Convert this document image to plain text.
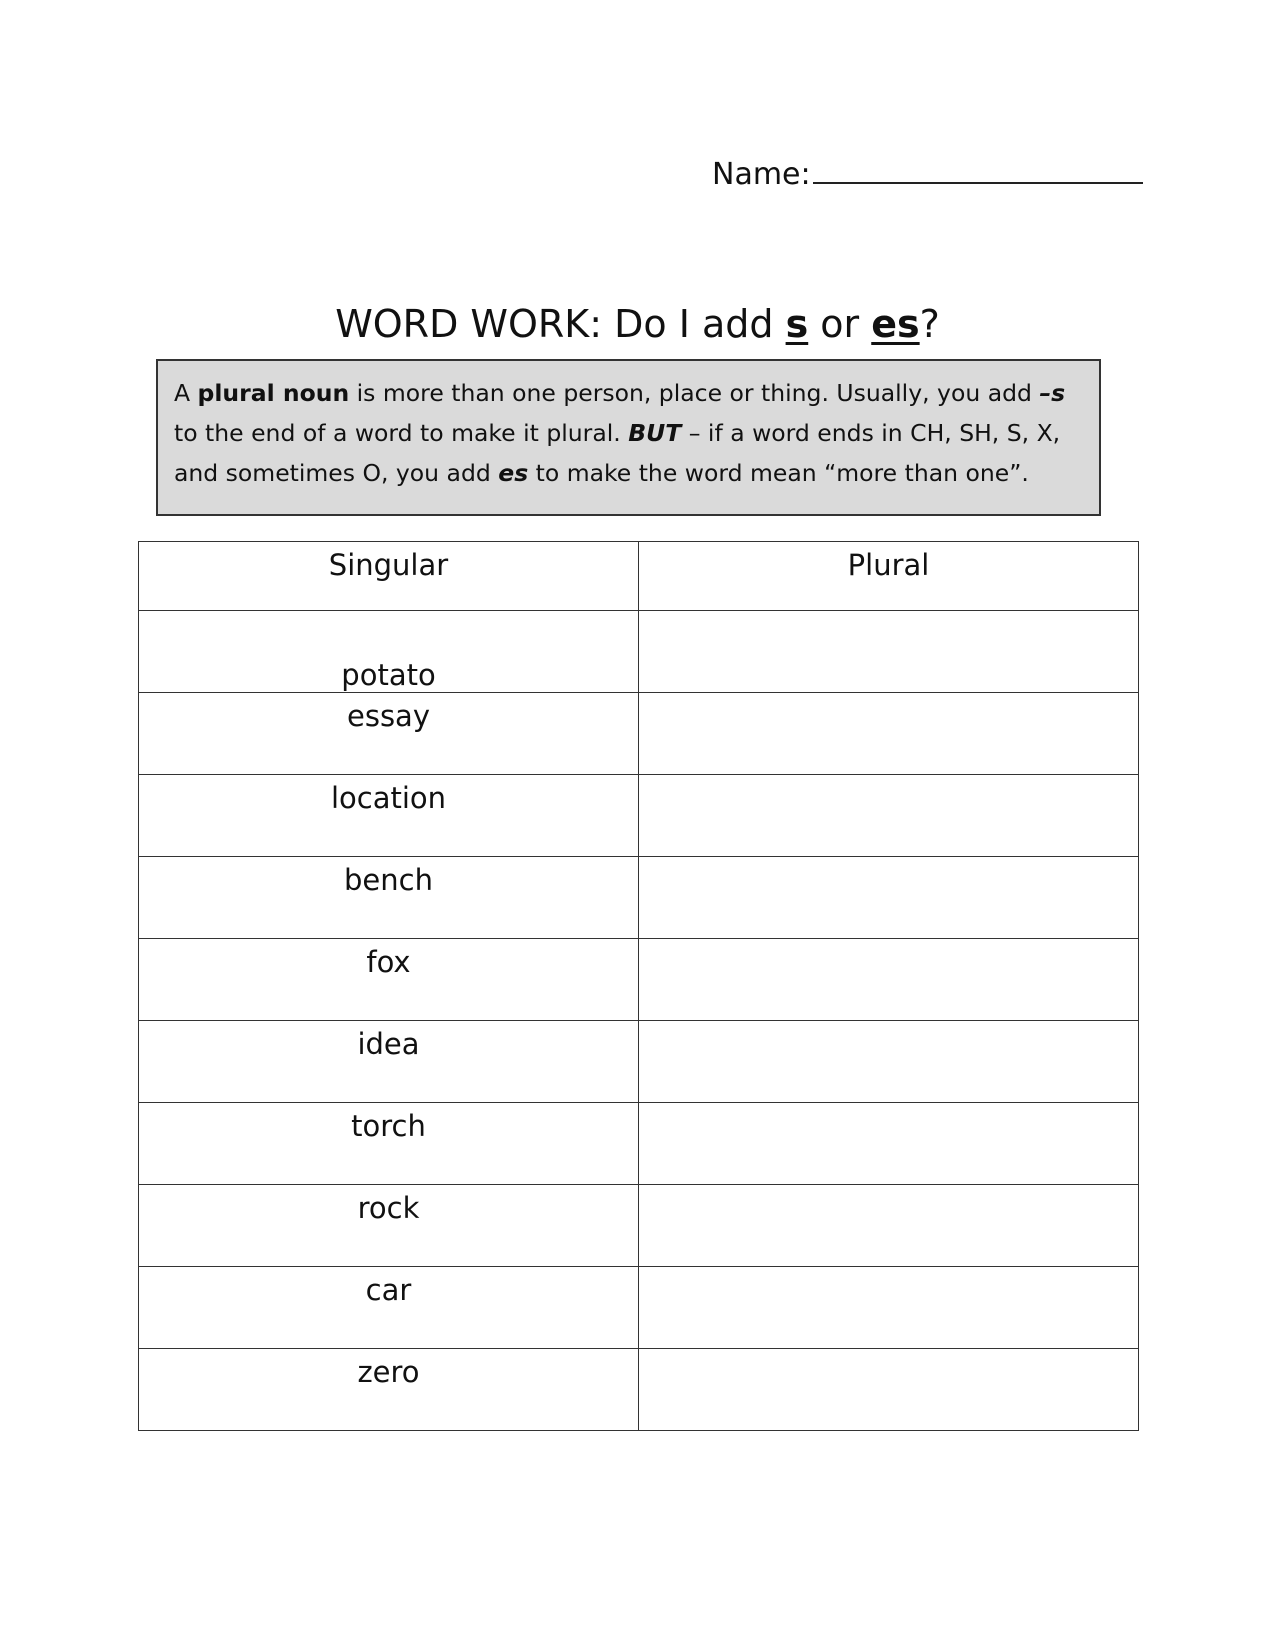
Name:
WORD WORK: Do I add s or es?
A plural noun is more than one person, place or thing. Usually, you add –s to the end of a word to make it plural. BUT – if a word ends in CH, SH, S, X, and sometimes O, you add es to make the word mean “more than one”.
Singular	Plural
potato	
essay	
location	
bench	
fox	
idea	
torch	
rock	
car	
zero	
